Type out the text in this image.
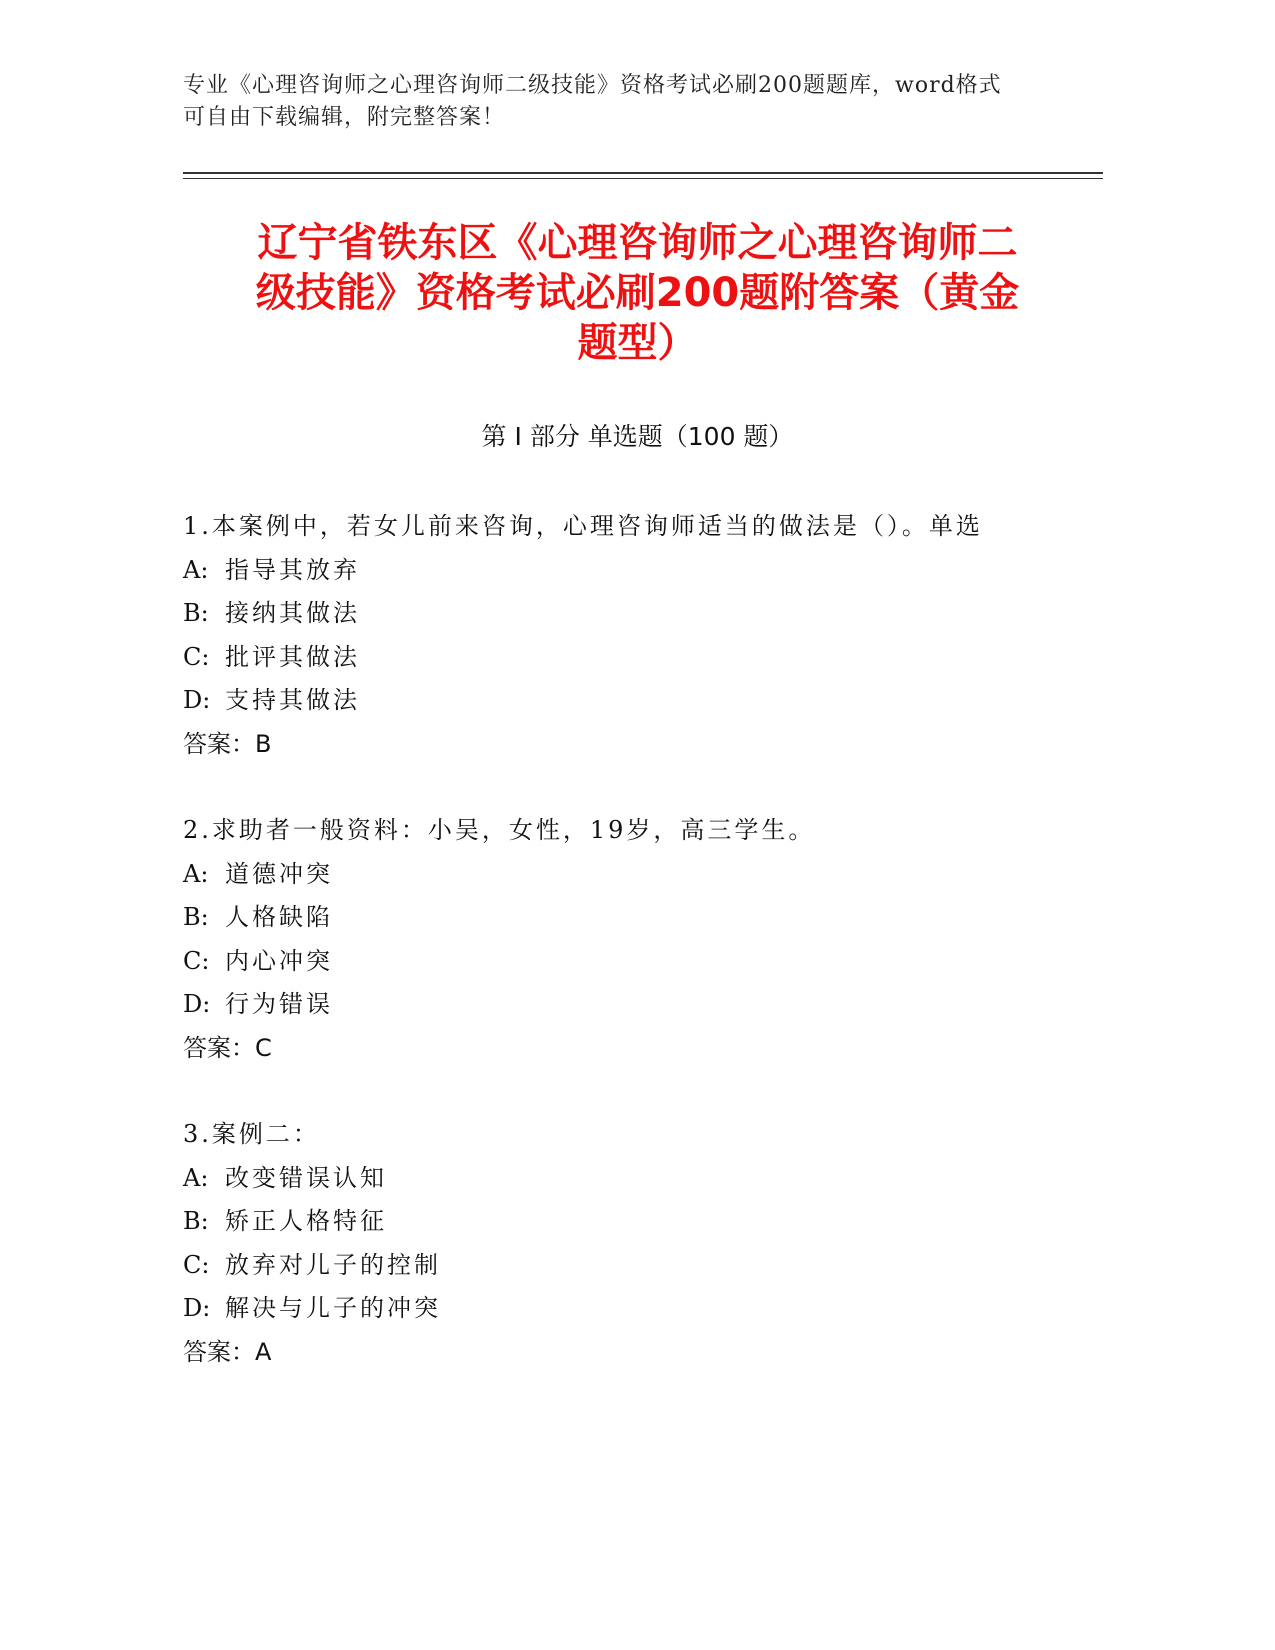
专业《心理咨询师之心理咨询师二级技能》资格考试必刷200题题库，word格式
可自由下载编辑，附完整答案！
辽宁省铁东区《心理咨询师之心理咨询师二
级技能》资格考试必刷200题附答案（黄金
题型）
第 I 部分 单选题（100 题）
1.本案例中，若女儿前来咨询，心理咨询师适当的做法是（）。单选
A: 指导其放弃
B: 接纳其做法
C: 批评其做法
D: 支持其做法
答案：B
2.求助者一般资料：小吴，女性，19岁，高三学生。
A: 道德冲突
B: 人格缺陷
C: 内心冲突
D: 行为错误
答案：C
3.案例二：
A: 改变错误认知
B: 矫正人格特征
C: 放弃对儿子的控制
D: 解决与儿子的冲突
答案：A
